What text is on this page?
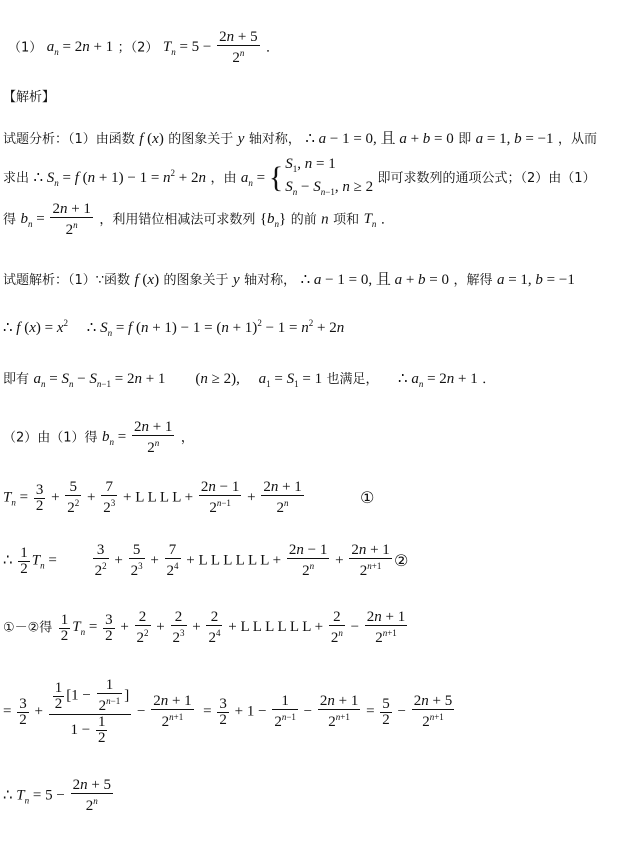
（1） $a_n = 2n + 1$ ；（2） $T_n = 5 - \frac{2n + 5}{2^n}$ ．
【解析】
试题分析：（1）由函数 f (x) 的图象关于 y 轴对称， ∴ a − 1 = 0, 且 a + b = 0 即 a = 1, b = −1 ，从而
求出 ∴ $S_n = f$ $(n + 1) - 1 = n^2 + 2n$ ，由 $a_n$ = { $S_1$, n = 1
$S_n - S_{n-1}$, n ≥ 2 即可求数列的通项公式；（2）由（1）
得 $b_n = \frac{2n + 1}{2^n}$ ，利用错位相减法可求数列 $\{b_n\}$ 的前 n 项和 $T_n$ ．
试题解析：（1）∵函数 f (x) 的图象关于 y 轴对称， ∴ a − 1 = 0, 且 a + b = 0 ，解得 a = 1, b = −1
∴ f $(x) = x^2$     ∴ $S_n = f$ $(n + 1) - 1 = (n + 1)^2 - 1 = n^2 + 2n$
即有 $a_n = S_n - S_{n-1} = 2n + 1$        (n ≥ 2),     $a_1 = S_1 = 1$ 也满足，     ∴ $a_n = 2n + 1$ ．
（2）由（1）得 $b_n = \frac{2n + 1}{2^n}$ ，
$T_n = \frac{3}{2} + \frac{5}{2^2} + \frac{7}{2^3} + L$ L L $L + \frac{2n - 1}{2^{n-1}} + \frac{2n + 1}{2^n}$	①
∴ $\frac{1}{2} T_n = \frac{3}{2^2} + \frac{5}{2^3} + \frac{7}{2^4} + L$ L L L L $L + \frac{2n - 1}{2^n} + \frac{2n + 1}{2^{n+1}}$ ②
①－②得 $\frac{1}{2} T_n = \frac{3}{2} + \frac{2}{2^2} + \frac{2}{2^3} + \frac{2}{2^4} + L$ L L L L $L + \frac{2}{2^n} - \frac{2n + 1}{2^{n+1}}$
= $\frac{3}{2} + \frac{\frac{1}{2} [1 - \frac{1}{2^{n-1}} ]}{1 - \frac{1}{2}} - \frac{2n + 1}{2^{n+1}} = \frac{3}{2} + 1 - \frac{1}{2^{n-1}} - \frac{2n + 1}{2^{n+1}} = \frac{5}{2} - \frac{2n + 5}{2^{n+1}}$
∴ $T_n = 5 - \frac{2n + 5}{2^n}$
